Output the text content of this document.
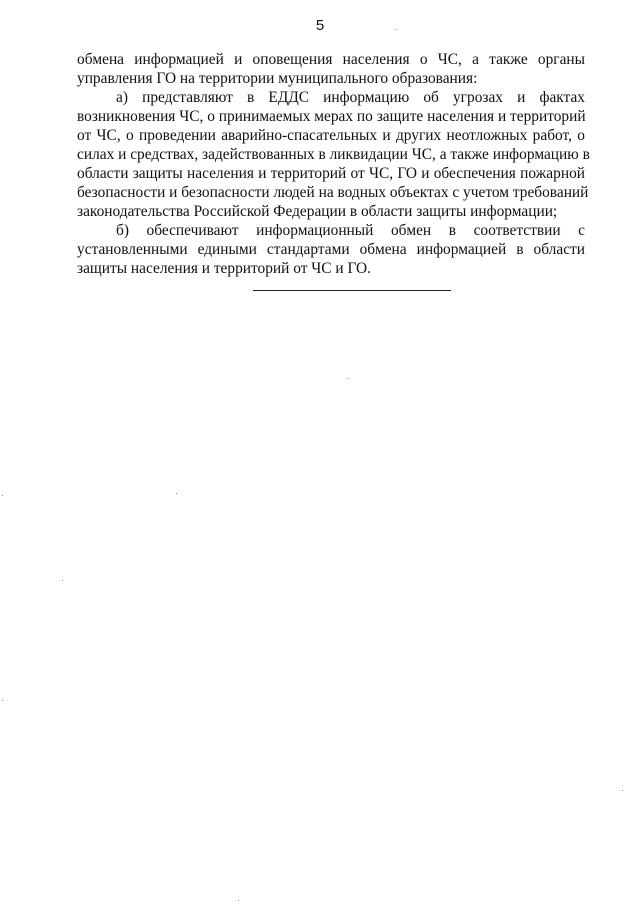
5
обмена информацией и оповещения населения о ЧС, а также органы
управления ГО на территории муниципального образования:
а) представляют в ЕДДС информацию об угрозах и фактах
возникновения ЧС, о принимаемых мерах по защите населения и территорий
от ЧС, о проведении аварийно-спасательных и других неотложных работ, о
силах и средствах, задействованных в ликвидации ЧС, а также информацию в
области защиты населения и территорий от ЧС, ГО и обеспечения пожарной
безопасности и безопасности людей на водных объектах с учетом требований
законодательства Российской Федерации в области защиты информации;
б) обеспечивают информационный обмен в соответствии с
установленными едиными стандартами обмена информацией в области
защиты населения и территорий от ЧС и ГО.
